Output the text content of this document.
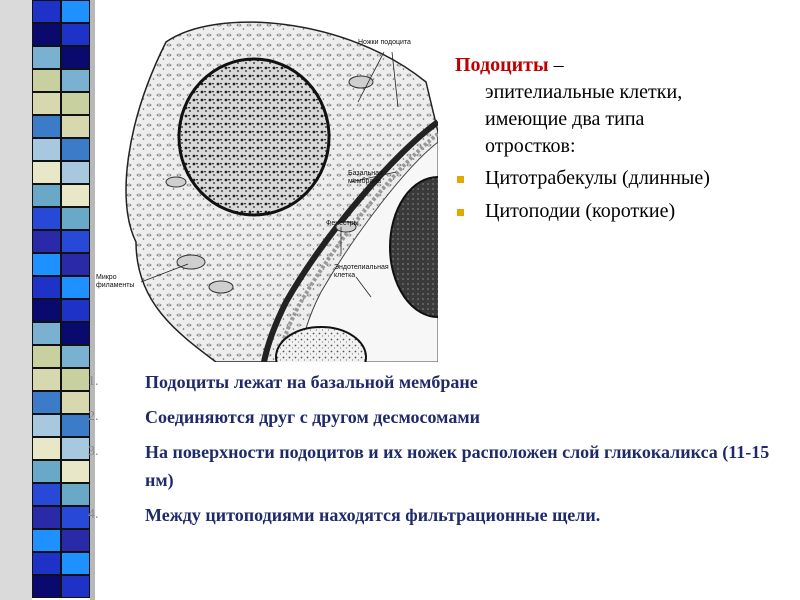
Ножки подоцита
Базальная мембрана
Микро филаменты
Фенестры
Эндотелиальная клетка
Подоциты –
эпителиальные клетки,
имеющие два типа
отростков:
Цитотрабекулы (длинные)
Цитоподии (короткие)
1.	Подоциты лежат на базальной мембране
2.	Соединяются друг с другом десмосомами
3.	На поверхности подоцитов и их ножек расположен слой гликокаликса (11-15 нм)
4.	Между цитоподиями находятся фильтрационные щели.
